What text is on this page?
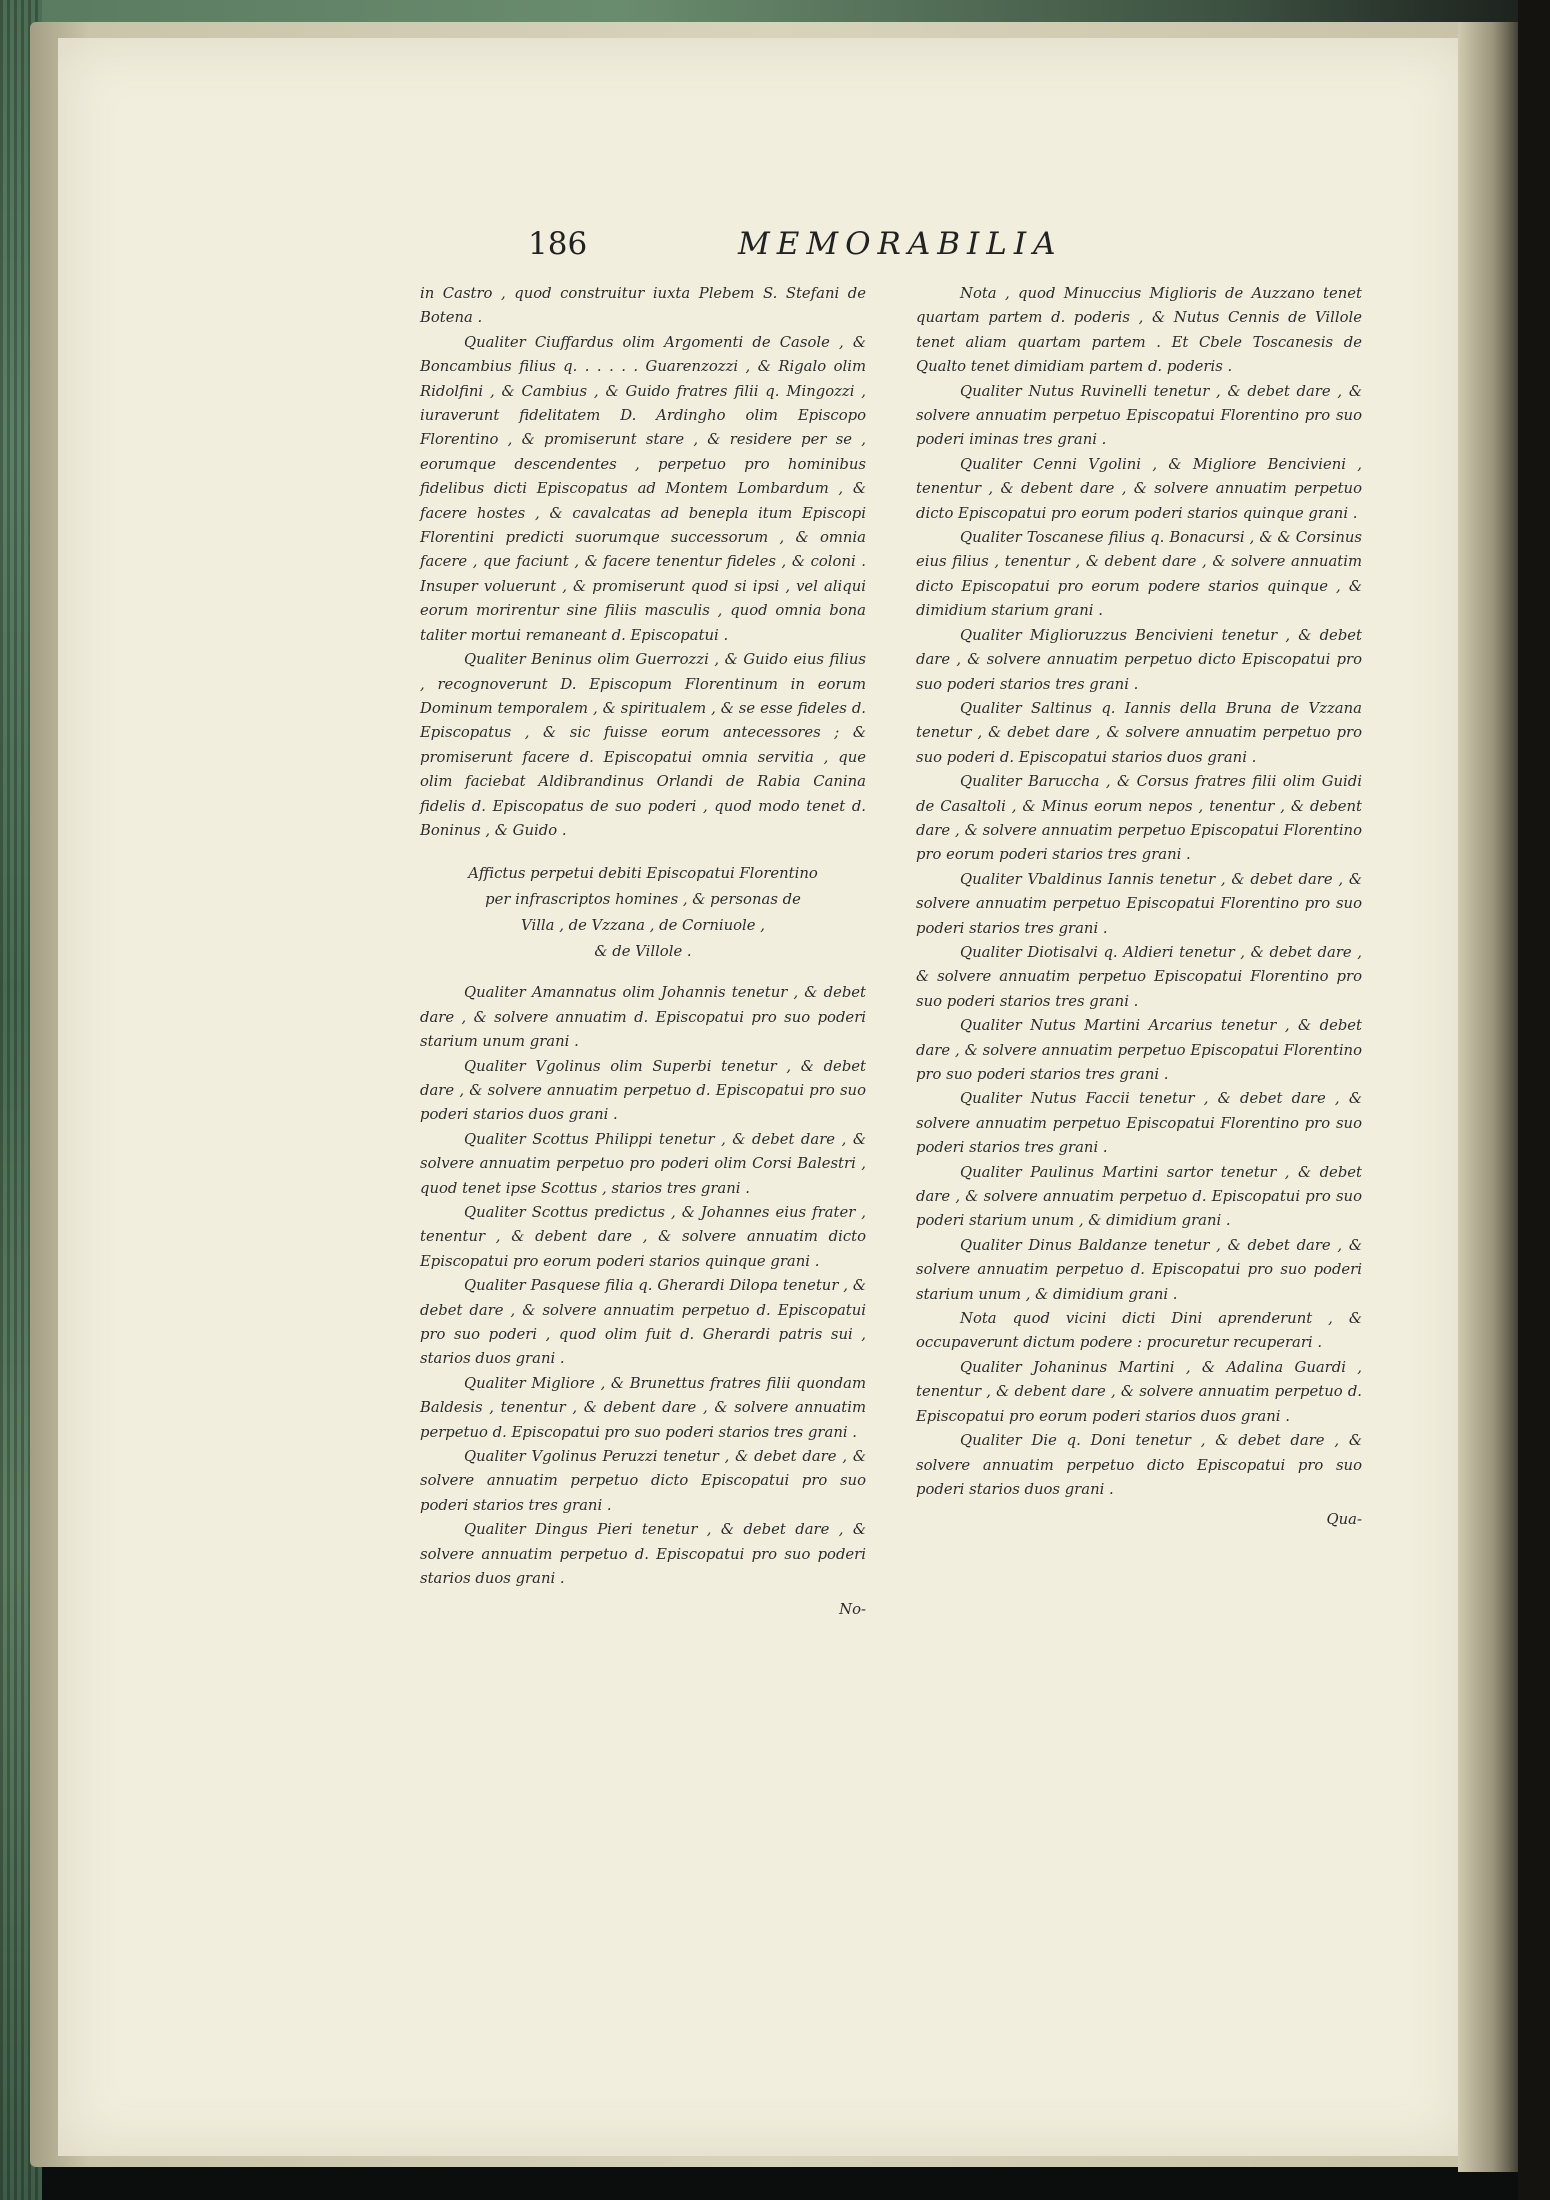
186	MEMORABILIA

in Castro , quod construitur iuxta Plebem S. Stefani de Botena .

Qualiter Ciuffardus olim Argomenti de Casole , & Boncambius filius q. . . . . . Guarenzozzi , & Rigalo olim Ridolfini , & Cambius , & Guido fratres filii q. Mingozzi , iuraverunt fidelitatem D. Ardingho olim Episcopo Florentino , & promiserunt stare , & residere per se , eorumque descendentes , perpetuo pro hominibus fidelibus dicti Episcopatus ad Montem Lombardum , & facere hostes , & cavalcatas ad benepla itum Episcopi Florentini predicti suorumque successorum , & omnia facere , que faciunt , & facere tenentur fideles , & coloni . Insuper voluerunt , & promiserunt quod si ipsi , vel aliqui eorum morirentur sine filiis masculis , quod omnia bona taliter mortui remaneant d. Episcopatui .

Qualiter Beninus olim Guerrozzi , & Guido eius filius , recognoverunt D. Episcopum Florentinum in eorum Dominum temporalem , & spiritualem , & se esse fideles d. Episcopatus , & sic fuisse eorum antecessores ; & promiserunt facere d. Episcopatui omnia servitia , que olim faciebat Aldibrandinus Orlandi de Rabia Canina fidelis d. Episcopatus de suo poderi , quod modo tenet d. Boninus , & Guido .

Affictus perpetui debiti Episcopatui Florentino
per infrascriptos homines , & personas de
Villa , de Vzzana , de Corniuole ,
& de Villole .

Qualiter Amannatus olim Johannis tenetur , & debet dare , & solvere annuatim d. Episcopatui pro suo poderi starium unum grani .

Qualiter Vgolinus olim Superbi tenetur , & debet dare , & solvere annuatim perpetuo d. Episcopatui pro suo poderi starios duos grani .

Qualiter Scottus Philippi tenetur , & debet dare , & solvere annuatim perpetuo pro poderi olim Corsi Balestri , quod tenet ipse Scottus , starios tres grani .

Qualiter Scottus predictus , & Johannes eius frater , tenentur , & debent dare , & solvere annuatim dicto Episcopatui pro eorum poderi starios quinque grani .

Qualiter Pasquese filia q. Gherardi Dilopa tenetur , & debet dare , & solvere annuatim perpetuo d. Episcopatui pro suo poderi , quod olim fuit d. Gherardi patris sui , starios duos grani .

Qualiter Migliore , & Brunettus fratres filii quondam Baldesis , tenentur , & debent dare , & solvere annuatim perpetuo d. Episcopatui pro suo poderi starios tres grani .

Qualiter Vgolinus Peruzzi tenetur , & debet dare , & solvere annuatim perpetuo dicto Episcopatui pro suo poderi starios tres grani .

Qualiter Dingus Pieri tenetur , & debet dare , & solvere annuatim perpetuo d. Episcopatui pro suo poderi starios duos grani .

No-

Nota , quod Minuccius Miglioris de Auzzano tenet quartam partem d. poderis , & Nutus Cennis de Villole tenet aliam quartam partem . Et Cbele Toscanesis de Qualto tenet dimidiam partem d. poderis .

Qualiter Nutus Ruvinelli tenetur , & debet dare , & solvere annuatim perpetuo Episcopatui Florentino pro suo poderi iminas tres grani .

Qualiter Cenni Vgolini , & Migliore Bencivieni , tenentur , & debent dare , & solvere annuatim perpetuo dicto Episcopatui pro eorum poderi starios quinque grani .

Qualiter Toscanese filius q. Bonacursi , & & Corsinus eius filius , tenentur , & debent dare , & solvere annuatim dicto Episcopatui pro eorum podere starios quinque , & dimidium starium grani .

Qualiter Miglioruzzus Bencivieni tenetur , & debet dare , & solvere annuatim perpetuo dicto Episcopatui pro suo poderi starios tres grani .

Qualiter Saltinus q. Iannis della Bruna de Vzzana tenetur , & debet dare , & solvere annuatim perpetuo pro suo poderi d. Episcopatui starios duos grani .

Qualiter Baruccha , & Corsus fratres filii olim Guidi de Casaltoli , & Minus eorum nepos , tenentur , & debent dare , & solvere annuatim perpetuo Episcopatui Florentino pro eorum poderi starios tres grani .

Qualiter Vbaldinus Iannis tenetur , & debet dare , & solvere annuatim perpetuo Episcopatui Florentino pro suo poderi starios tres grani .

Qualiter Diotisalvi q. Aldieri tenetur , & debet dare , & solvere annuatim perpetuo Episcopatui Florentino pro suo poderi starios tres grani .

Qualiter Nutus Martini Arcarius tenetur , & debet dare , & solvere annuatim perpetuo Episcopatui Florentino pro suo poderi starios tres grani .

Qualiter Nutus Faccii tenetur , & debet dare , & solvere annuatim perpetuo Episcopatui Florentino pro suo poderi starios tres grani .

Qualiter Paulinus Martini sartor tenetur , & debet dare , & solvere annuatim perpetuo d. Episcopatui pro suo poderi starium unum , & dimidium grani .

Qualiter Dinus Baldanze tenetur , & debet dare , & solvere annuatim perpetuo d. Episcopatui pro suo poderi starium unum , & dimidium grani .

Nota quod vicini dicti Dini aprenderunt , & occupaverunt dictum podere : procuretur recuperari .

Qualiter Johaninus Martini , & Adalina Guardi , tenentur , & debent dare , & solvere annuatim perpetuo d. Episcopatui pro eorum poderi starios duos grani .

Qualiter Die q. Doni tenetur , & debet dare , & solvere annuatim perpetuo dicto Episcopatui pro suo poderi starios duos grani .

Qua-
